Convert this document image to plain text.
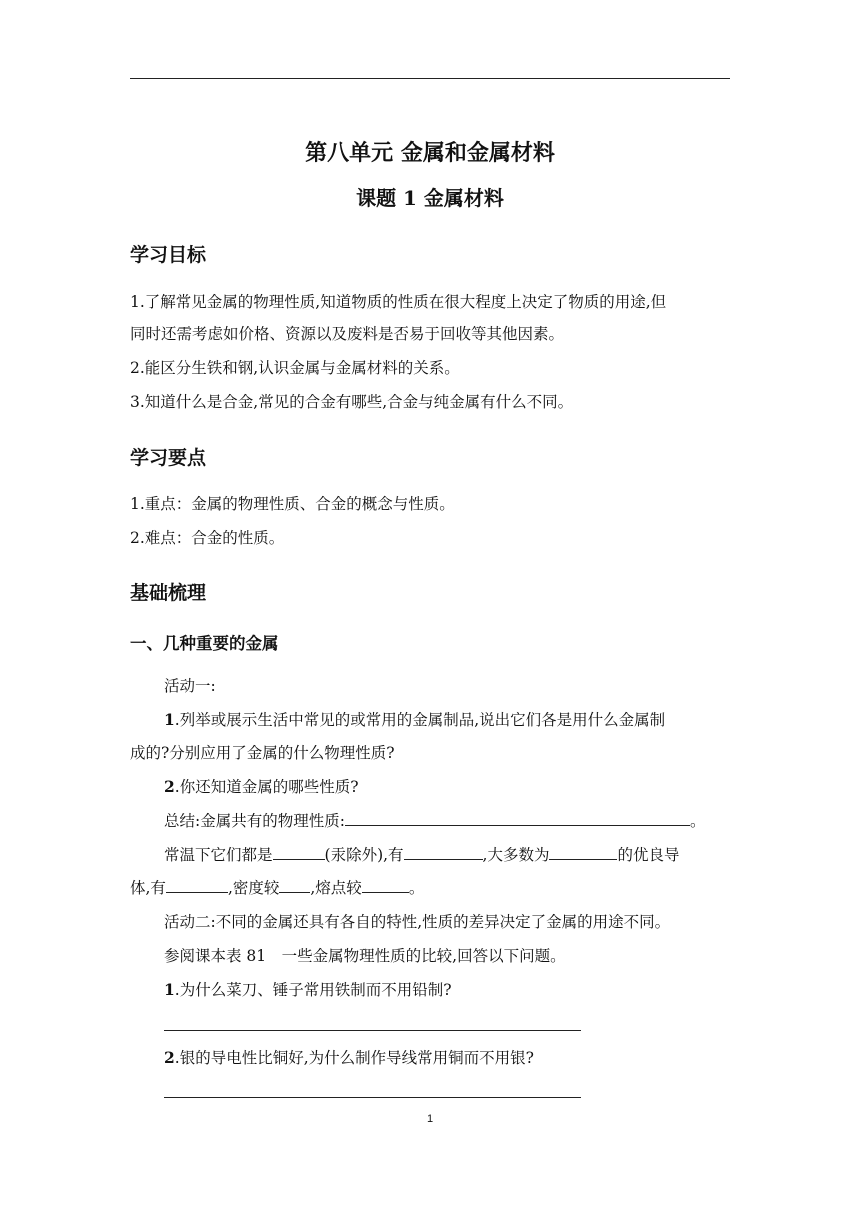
第八单元 金属和金属材料
课题 1 金属材料
学习目标
1.了解常见金属的物理性质,知道物质的性质在很大程度上决定了物质的用途,但
同时还需考虑如价格、资源以及废料是否易于回收等其他因素。
2.能区分生铁和钢,认识金属与金属材料的关系。
3.知道什么是合金,常见的合金有哪些,合金与纯金属有什么不同。
学习要点
1.重点：金属的物理性质、合金的概念与性质。
2.难点：合金的性质。
基础梳理
一、几种重要的金属
活动一:
1.列举或展示生活中常见的或常用的金属制品,说出它们各是用什么金属制
成的?分别应用了金属的什么物理性质?
2.你还知道金属的哪些性质?
总结:金属共有的物理性质:	。
常温下它们都是	(汞除外),有	,大多数为	的优良导
体,有	,密度较 ,熔点较	。
活动二:不同的金属还具有各自的特性,性质的差异决定了金属的用途不同。
参阅课本表 81　一些金属物理性质的比较,回答以下问题。
1.为什么菜刀、锤子常用铁制而不用铅制?
2.银的导电性比铜好,为什么制作导线常用铜而不用银?
1
